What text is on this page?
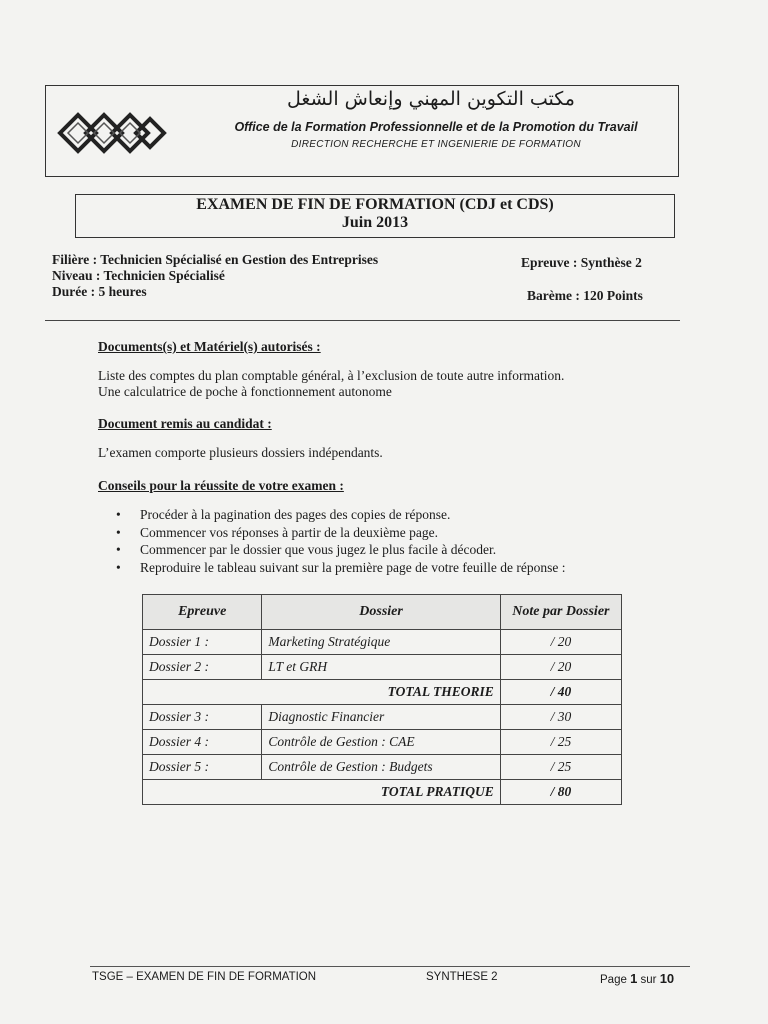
مكتب التكوين المهني وإنعاش الشغل
Office de la Formation Professionnelle et de la Promotion du Travail
DIRECTION RECHERCHE ET INGENIERIE DE FORMATION
EXAMEN DE FIN DE FORMATION (CDJ et CDS)
Juin 2013
Filière : Technicien Spécialisé en Gestion des Entreprises
Niveau : Technicien Spécialisé
Durée : 5 heures
Epreuve : Synthèse 2
Barème : 120 Points
Documents(s) et Matériel(s) autorisés :
Liste des comptes du plan comptable général, à l’exclusion de toute autre information.
Une calculatrice de poche à fonctionnement autonome
Document remis au candidat :
L’examen comporte plusieurs dossiers indépendants.
Conseils pour la réussite de votre examen :
• Procéder à la pagination des pages des copies de réponse.
• Commencer vos réponses à partir de la deuxième page.
• Commencer par le dossier que vous jugez le plus facile à décoder.
• Reproduire le tableau suivant sur la première page de votre feuille de réponse :
Epreuve	Dossier	Note par Dossier
Dossier 1 :	Marketing Stratégique	/ 20
Dossier 2 :	LT et GRH	/ 20
TOTAL THEORIE		/ 40
Dossier 3 :	Diagnostic Financier	/ 30
Dossier 4 :	Contrôle de Gestion : CAE	/ 25
Dossier 5 :	Contrôle de Gestion : Budgets	/ 25
TOTAL PRATIQUE		/ 80
TSGE – EXAMEN DE FIN DE FORMATION	SYNTHESE 2	Page 1 sur 10
